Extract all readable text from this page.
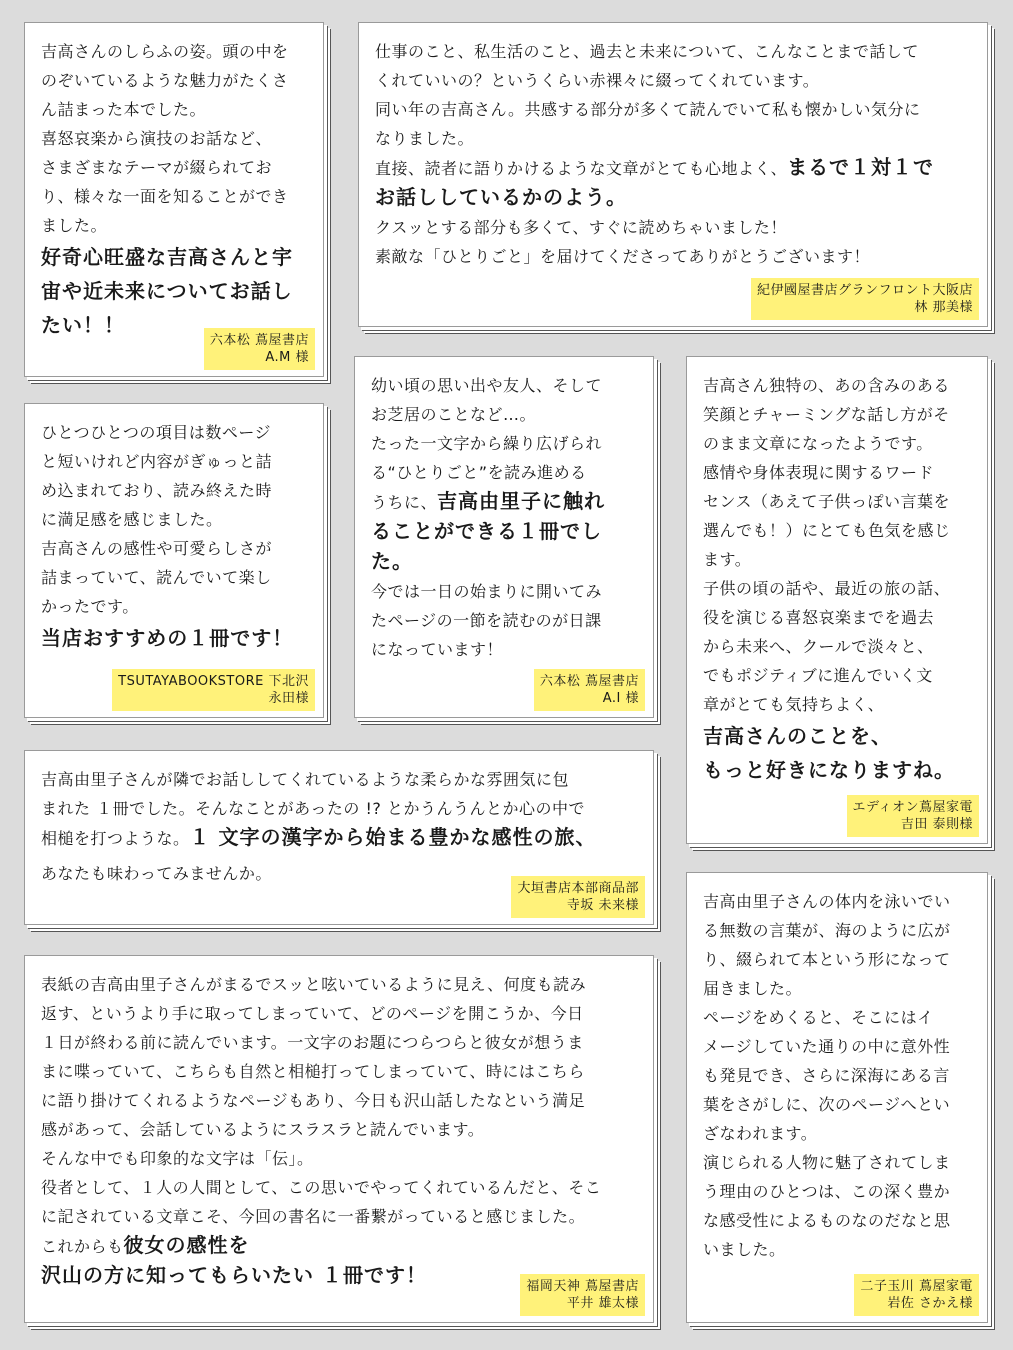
吉高さんのしらふの姿。頭の中を
のぞいているような魅力がたくさ
ん詰まった本でした。

喜怒哀楽から演技のお話など、
さまざまなテーマが綴られてお
り、様々な一面を知ることができ
ました。

好奇心旺盛な吉高さんと宇
宙や近未来についてお話し
たい！！

六本松 蔦屋書店
A.M 様

仕事のこと、私生活のこと、過去と未来について、こんなことまで話して
くれていいの？というくらい赤裸々に綴ってくれています。

同い年の吉高さん。共感する部分が多くて読んでいて私も懐かしい気分に
なりました。

直接、読者に語りかけるような文章がとても心地よく、まるで１対１で
お話ししているかのよう。

クスッとする部分も多くて、すぐに読めちゃいました！

素敵な「ひとりごと」を届けてくださってありがとうございます！

紀伊國屋書店グランフロント大阪店
林 那美様

ひとつひとつの項目は数ページ
と短いけれど内容がぎゅっと詰
め込まれており、読み終えた時
に満足感を感じました。

吉高さんの感性や可愛らしさが
詰まっていて、読んでいて楽し
かったです。

当店おすすめの１冊です！

TSUTAYABOOKSTORE 下北沢
永田様

幼い頃の思い出や友人、そして
お芝居のことなど…。

たった一文字から繰り広げられ
る“ひとりごと”を読み進める
うちに、吉高由里子に触れ
ることができる１冊でし
た。

今では一日の始まりに開いてみ
たページの一節を読むのが日課
になっています！

六本松 蔦屋書店
A.I 様

吉高さん独特の、あの含みのある
笑顔とチャーミングな話し方がそ
のまま文章になったようです。

感情や身体表現に関するワード
センス（あえて子供っぽい言葉を
選んでも！）にとても色気を感じ
ます。

子供の頃の話や、最近の旅の話、
役を演じる喜怒哀楽までを過去
から未来へ、クールで淡々と、
でもポジティブに進んでいく文
章がとても気持ちよく、

吉高さんのことを、
もっと好きになりますね。

エディオン蔦屋家電
吉田 泰則様

吉高由里子さんが隣でお話ししてくれているような柔らかな雰囲気に包
まれた １冊でした。そんなことがあったの !? とかうんうんとか心の中で
相槌を打つような。１ 文字の漢字から始まる豊かな感性の旅、

あなたも味わってみませんか。

大垣書店本部商品部
寺坂 未来様

表紙の吉高由里子さんがまるでスッと呟いているように見え、何度も読み
返す、というより手に取ってしまっていて、どのページを開こうか、今日
１日が終わる前に読んでいます。一文字のお題につらつらと彼女が想うま
まに喋っていて、こちらも自然と相槌打ってしまっていて、時にはこちら
に語り掛けてくれるようなページもあり、今日も沢山話したなという満足
感があって、会話しているようにスラスラと読んでいます。

そんな中でも印象的な文字は「伝」。

役者として、１人の人間として、この思いでやってくれているんだと、そこ
に記されている文章こそ、今回の書名に一番繋がっていると感じました。

これからも彼女の感性を
沢山の方に知ってもらいたい １冊です！	福岡天神 蔦屋書店
平井 雄太様

吉高由里子さんの体内を泳いでい
る無数の言葉が、海のように広が
り、綴られて本という形になって
届きました。

ページをめくると、そこにはイ
メージしていた通りの中に意外性
も発見でき、さらに深海にある言
葉をさがしに、次のページへとい
ざなわれます。

演じられる人物に魅了されてしま
う理由のひとつは、この深く豊か
な感受性によるものなのだなと思
いました。

二子玉川 蔦屋家電
岩佐 さかえ様
